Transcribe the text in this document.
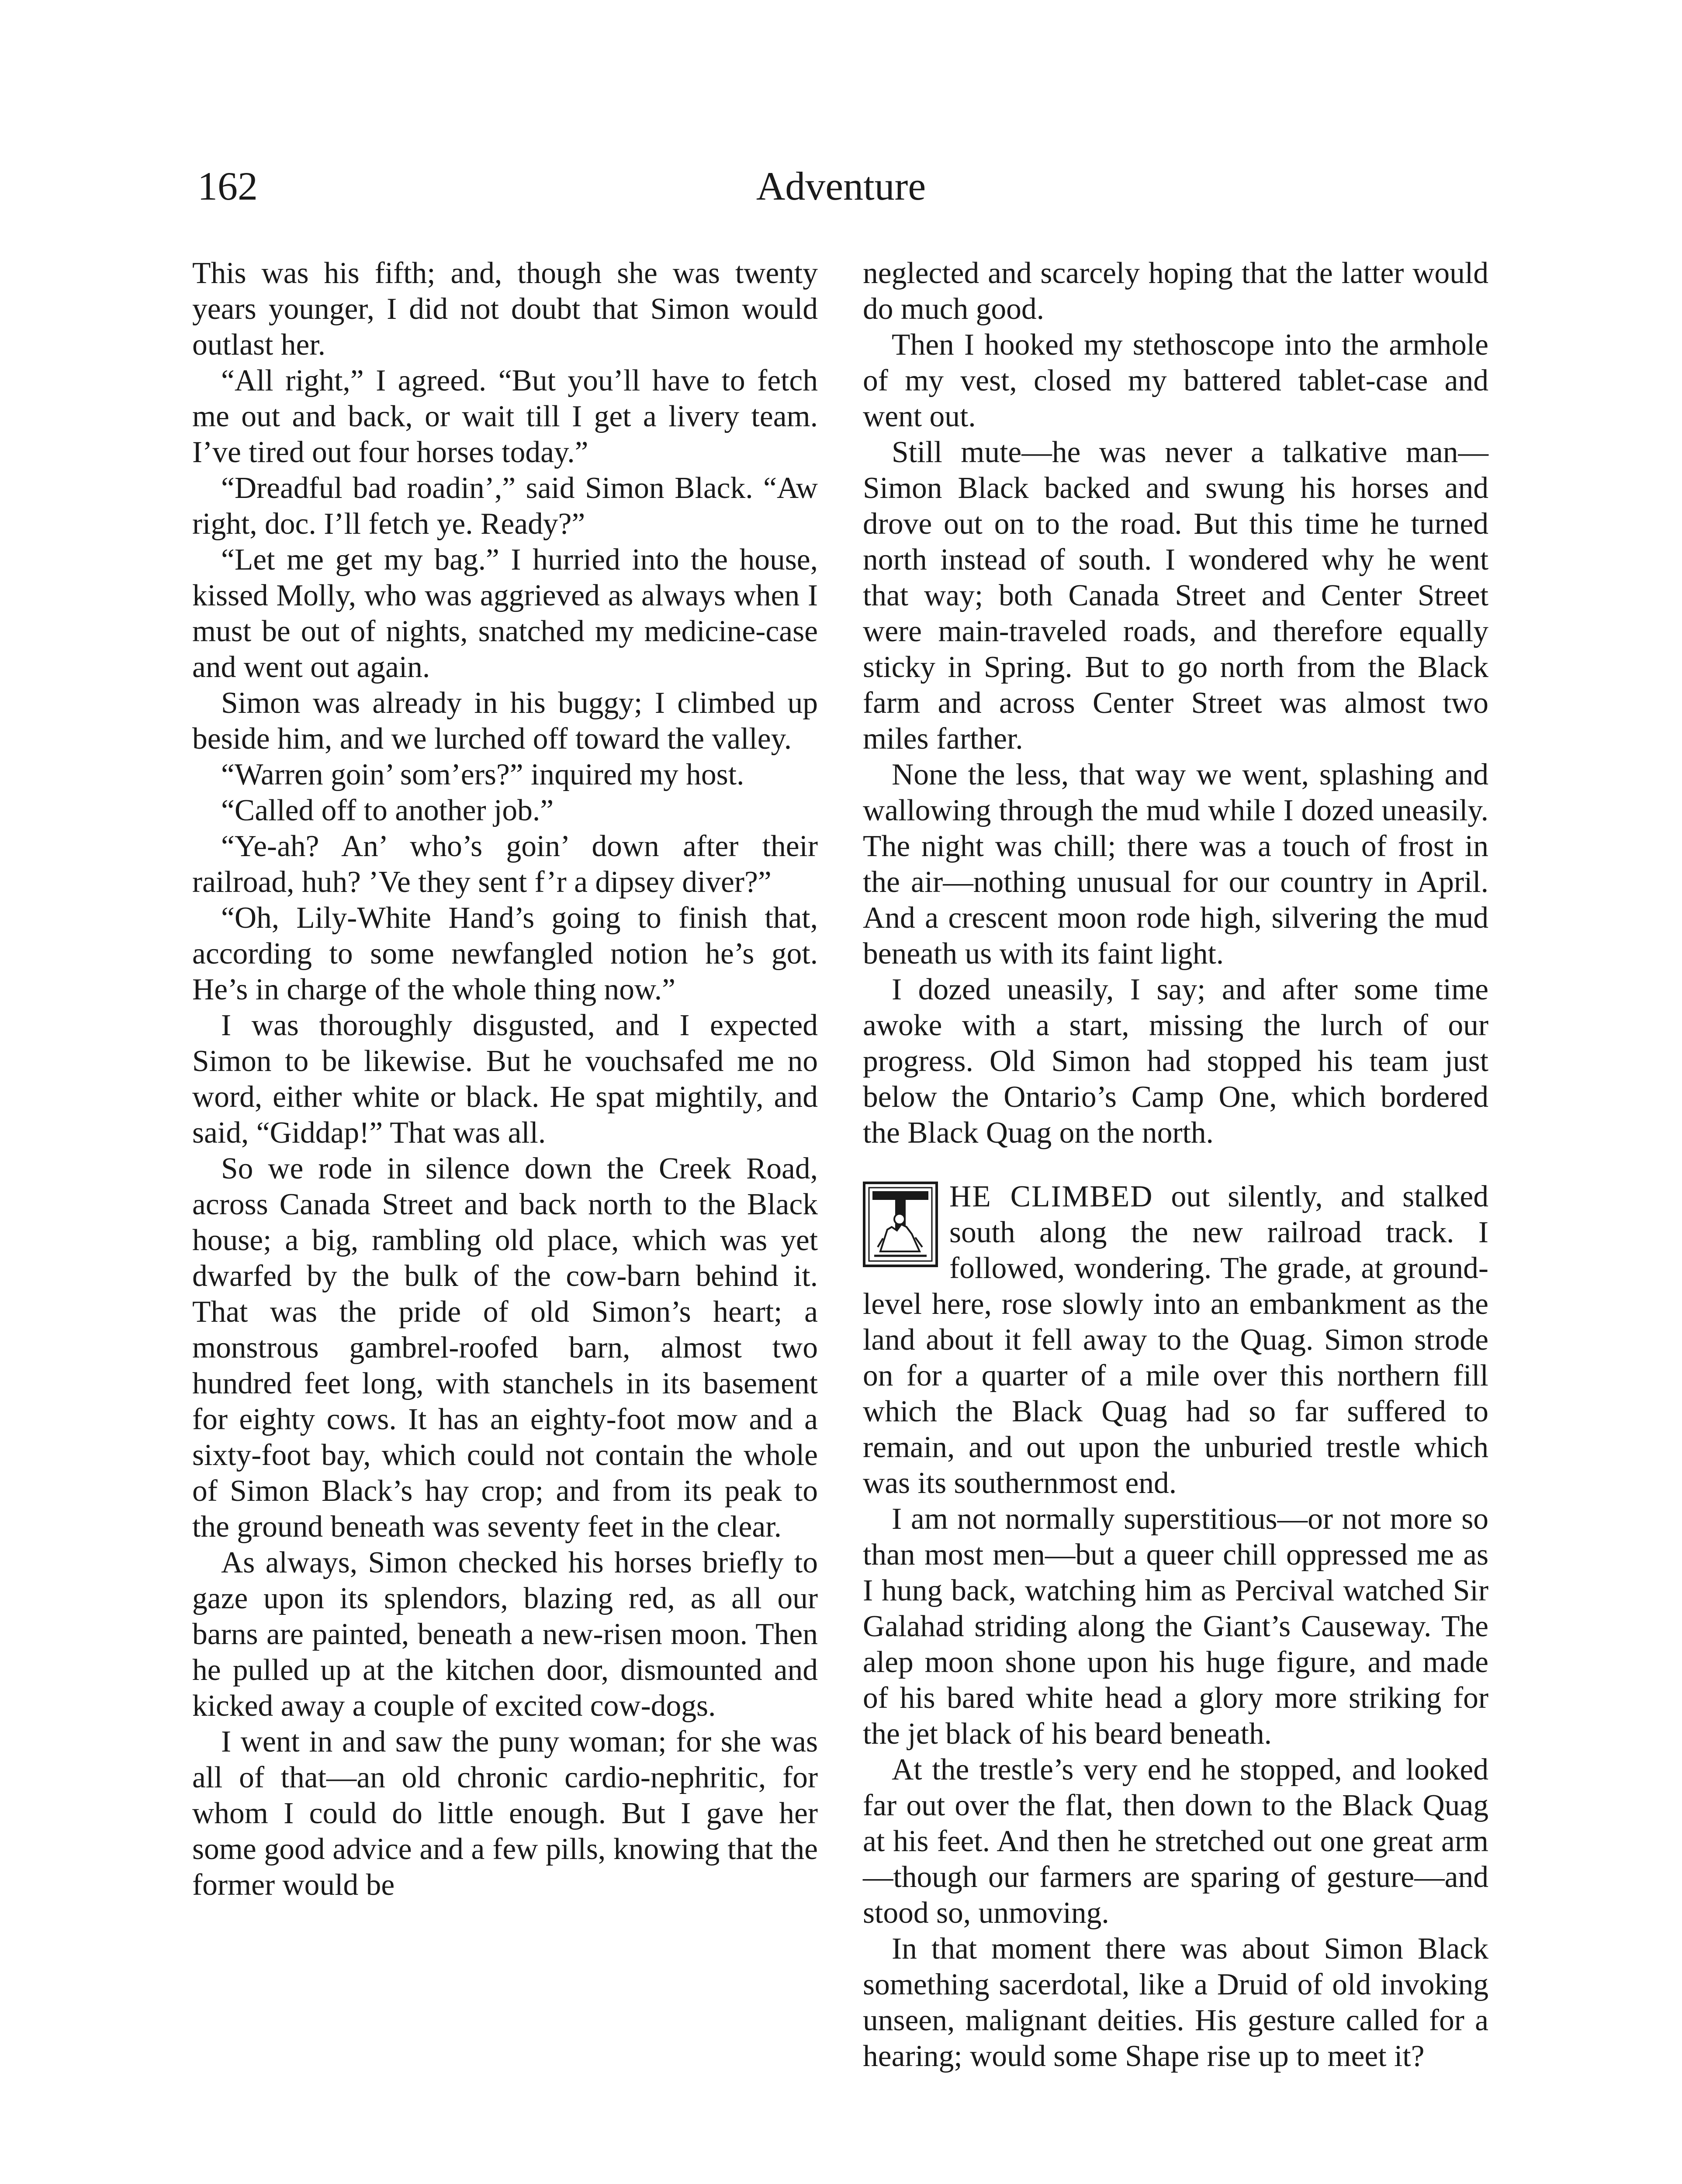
162	Adventure

This was his fifth; and, though she was twenty years younger, I did not doubt that Simon would outlast her.

“All right,” I agreed. “But you’ll have to fetch me out and back, or wait till I get a livery team. I’ve tired out four horses today.”

“Dreadful bad roadin’,” said Simon Black. “Aw right, doc. I’ll fetch ye. Ready?”

“Let me get my bag.” I hurried into the house, kissed Molly, who was aggrieved as always when I must be out of nights, snatched my medicine-case and went out again.

Simon was already in his buggy; I climbed up beside him, and we lurched off toward the valley.

“Warren goin’ som’ers?” inquired my host.

“Called off to another job.”

“Ye-ah? An’ who’s goin’ down after their railroad, huh? ’Ve they sent f’r a dipsey diver?”

“Oh, Lily-White Hand’s going to finish that, according to some newfangled notion he’s got. He’s in charge of the whole thing now.”

I was thoroughly disgusted, and I expected Simon to be likewise. But he vouchsafed me no word, either white or black. He spat mightily, and said, “Giddap!” That was all.

So we rode in silence down the Creek Road, across Canada Street and back north to the Black house; a big, rambling old place, which was yet dwarfed by the bulk of the cow-barn behind it. That was the pride of old Simon’s heart; a monstrous gambrel-roofed barn, almost two hundred feet long, with stanchels in its basement for eighty cows. It has an eighty-foot mow and a sixty-foot bay, which could not contain the whole of Simon Black’s hay crop; and from its peak to the ground beneath was seventy feet in the clear.

As always, Simon checked his horses briefly to gaze upon its splendors, blazing red, as all our barns are painted, beneath a new-risen moon. Then he pulled up at the kitchen door, dismounted and kicked away a couple of excited cow-dogs.

I went in and saw the puny woman; for she was all of that—an old chronic cardio-nephritic, for whom I could do little enough. But I gave her some good advice and a few pills, knowing that the former would be

neglected and scarcely hoping that the latter would do much good.

Then I hooked my stethoscope into the armhole of my vest, closed my battered tablet-case and went out.

Still mute—he was never a talkative man—Simon Black backed and swung his horses and drove out on to the road. But this time he turned north instead of south. I wondered why he went that way; both Canada Street and Center Street were main-traveled roads, and therefore equally sticky in Spring. But to go north from the Black farm and across Center Street was almost two miles farther.

None the less, that way we went, splashing and wallowing through the mud while I dozed uneasily. The night was chill; there was a touch of frost in the air—nothing unusual for our country in April. And a crescent moon rode high, silvering the mud beneath us with its faint light.

I dozed uneasily, I say; and after some time awoke with a start, missing the lurch of our progress. Old Simon had stopped his team just below the Ontario’s Camp One, which bordered the Black Quag on the north.

HE CLIMBED out silently, and stalked south along the new railroad track. I followed, wondering. The grade, at ground-level here, rose slowly into an embankment as the land about it fell away to the Quag. Simon strode on for a quarter of a mile over this northern fill which the Black Quag had so far suffered to remain, and out upon the unburied trestle which was its southernmost end.

I am not normally superstitious—or not more so than most men—but a queer chill oppressed me as I hung back, watching him as Percival watched Sir Galahad striding along the Giant’s Causeway. The alep moon shone upon his huge figure, and made of his bared white head a glory more striking for the jet black of his beard beneath.

At the trestle’s very end he stopped, and looked far out over the flat, then down to the Black Quag at his feet. And then he stretched out one great arm—though our farmers are sparing of gesture—and stood so, unmoving.

In that moment there was about Simon Black something sacerdotal, like a Druid of old invoking unseen, malignant deities. His gesture called for a hearing; would some Shape rise up to meet it?
